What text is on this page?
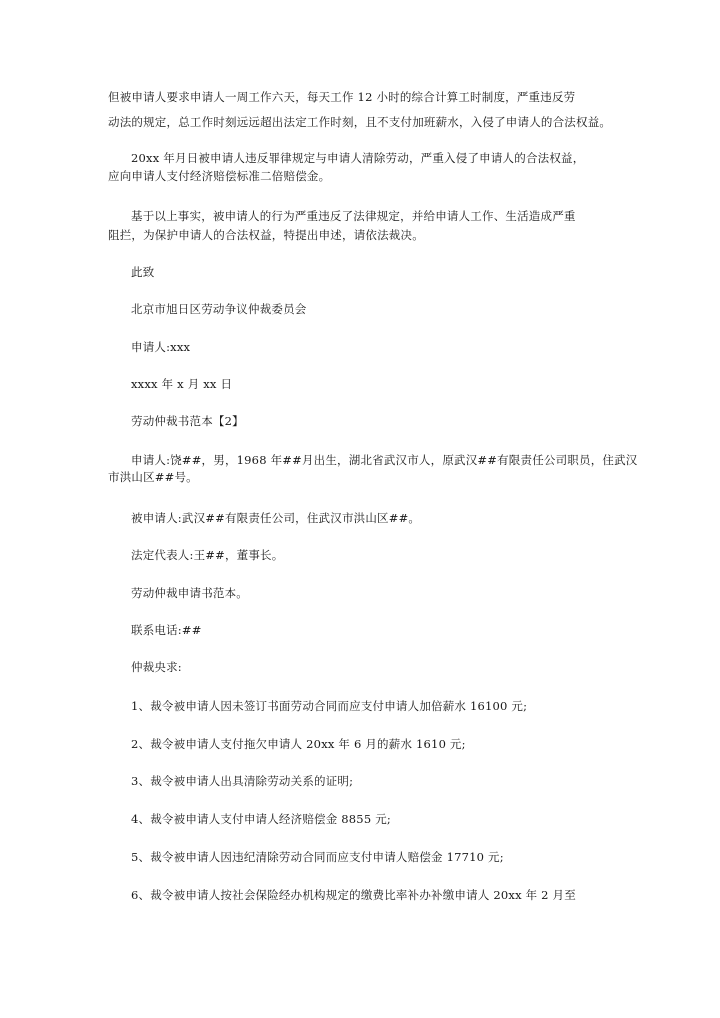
但被申请人要求申请人一周工作六天，每天工作 12 小时的综合计算工时制度，严重违反劳
动法的规定，总工作时刻远远超出法定工作时刻，且不支付加班薪水，入侵了申请人的合法权益。
20xx 年月日被申请人违反罪律规定与申请人清除劳动，严重入侵了申请人的合法权益，
应向申请人支付经济赔偿标准二倍赔偿金。
基于以上事实，被申请人的行为严重违反了法律规定，并给申请人工作、生活造成严重
阻拦，为保护申请人的合法权益，特提出申述，请依法裁决。
此致
北京市旭日区劳动争议仲裁委员会
申请人:xxx
xxxx 年 x 月 xx 日
劳动仲裁书范本【2】
申请人:饶##，男，1968 年##月出生，湖北省武汉市人，原武汉##有限责任公司职员，住武汉
市洪山区##号。
被申请人:武汉##有限责任公司，住武汉市洪山区##。
法定代表人:王##，董事长。
劳动仲裁申请书范本。
联系电话:##
仲裁央求:
1、裁令被申请人因未签订书面劳动合同而应支付申请人加倍薪水 16100 元;
2、裁令被申请人支付拖欠申请人 20xx 年 6 月的薪水 1610 元;
3、裁令被申请人出具清除劳动关系的证明;
4、裁令被申请人支付申请人经济赔偿金 8855 元;
5、裁令被申请人因违纪清除劳动合同而应支付申请人赔偿金 17710 元;
6、裁令被申请人按社会保险经办机构规定的缴费比率补办补缴申请人 20xx 年 2 月至
